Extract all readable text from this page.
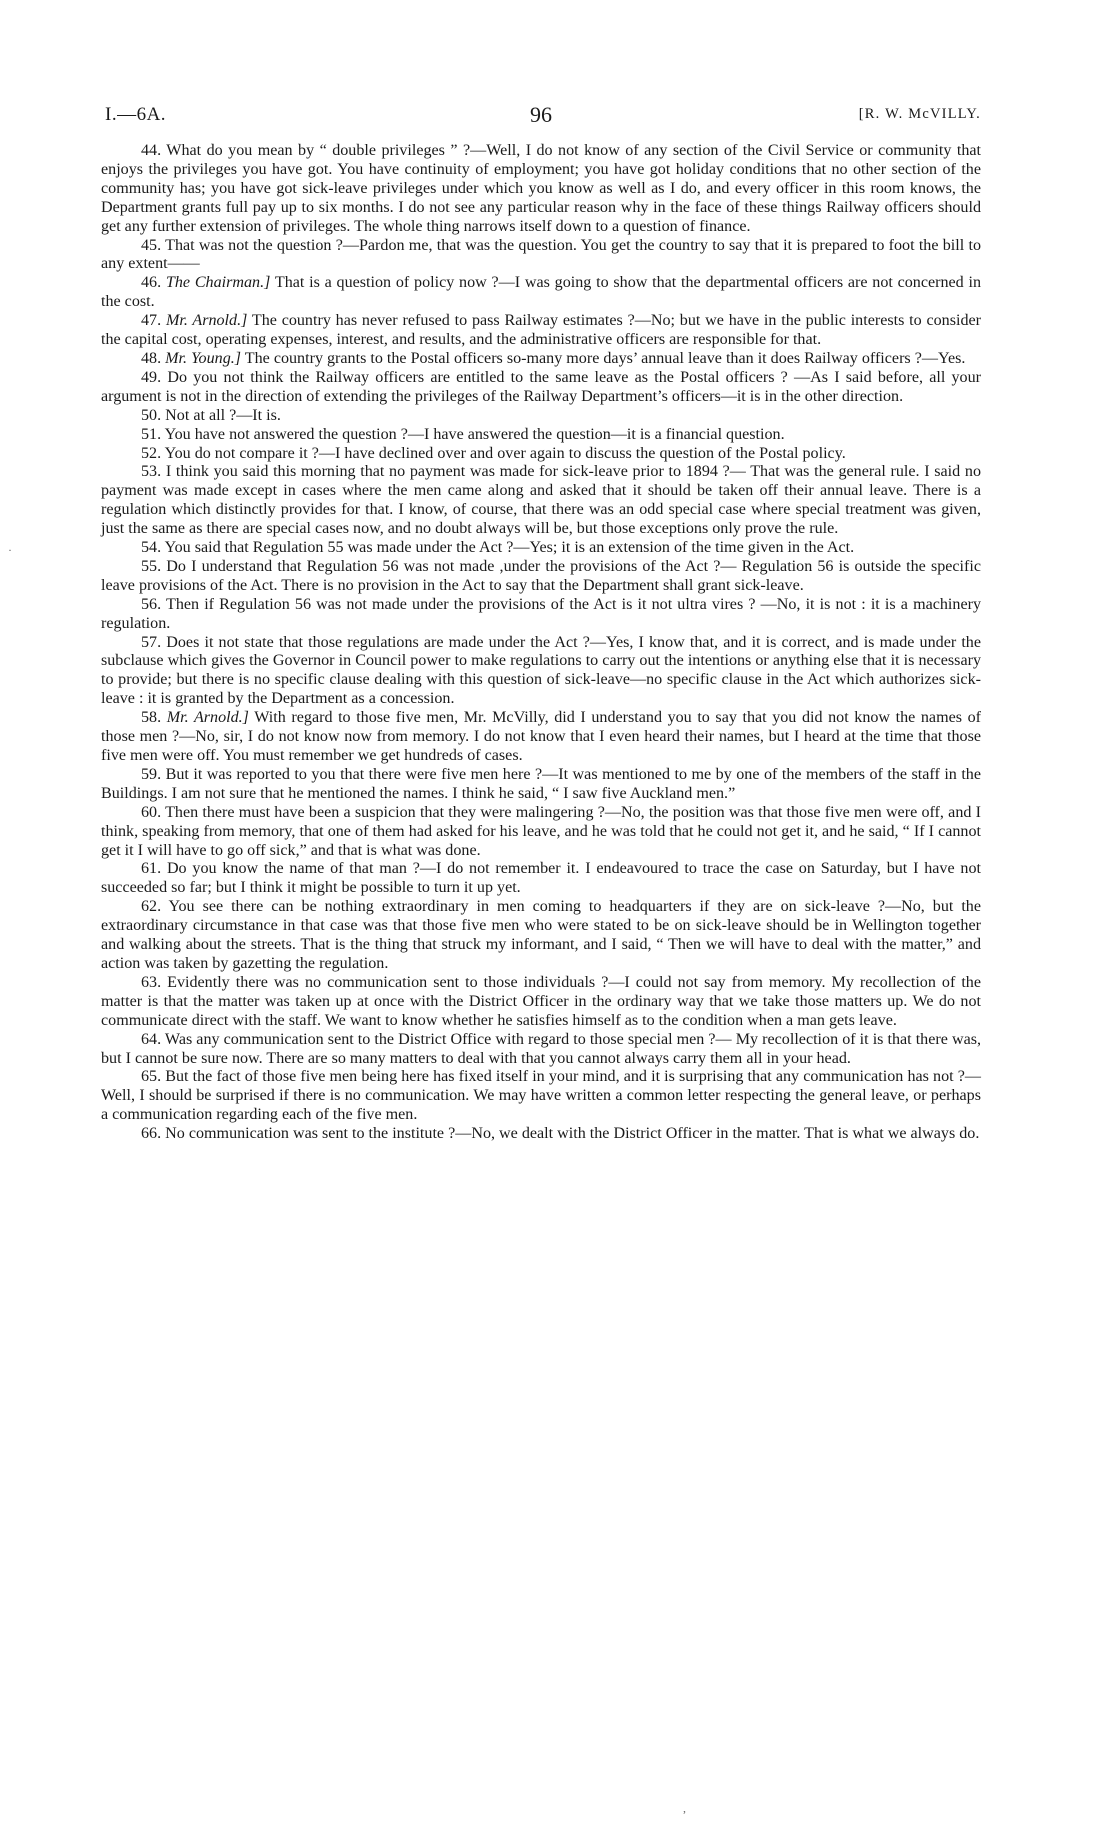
I.—6A.	96	[R. W. McVILLY.

44. What do you mean by “ double privileges ” ?—Well, I do not know of any section of the Civil Service or community that enjoys the privileges you have got. You have continuity of employment; you have got holiday conditions that no other section of the community has; you have got sick-leave privileges under which you know as well as I do, and every officer in this room knows, the Department grants full pay up to six months. I do not see any particular reason why in the face of these things Railway officers should get any further extension of privileges. The whole thing narrows itself down to a question of finance.

45. That was not the question ?—Pardon me, that was the question. You get the country to say that it is prepared to foot the bill to any extent——

46. The Chairman.] That is a question of policy now ?—I was going to show that the departmental officers are not concerned in the cost.

47. Mr. Arnold.] The country has never refused to pass Railway estimates ?—No; but we have in the public interests to consider the capital cost, operating expenses, interest, and results, and the administrative officers are responsible for that.

48. Mr. Young.] The country grants to the Postal officers so-many more days’ annual leave than it does Railway officers ?—Yes.

49. Do you not think the Railway officers are entitled to the same leave as the Postal officers ? —As I said before, all your argument is not in the direction of extending the privileges of the Railway Department’s officers—it is in the other direction.

50. Not at all ?—It is.

51. You have not answered the question ?—I have answered the question—it is a financial question.

52. You do not compare it ?—I have declined over and over again to discuss the question of the Postal policy.

53. I think you said this morning that no payment was made for sick-leave prior to 1894 ?— That was the general rule. I said no payment was made except in cases where the men came along and asked that it should be taken off their annual leave. There is a regulation which distinctly provides for that. I know, of course, that there was an odd special case where special treatment was given, just the same as there are special cases now, and no doubt always will be, but those exceptions only prove the rule.

54. You said that Regulation 55 was made under the Act ?—Yes; it is an extension of the time given in the Act.

55. Do I understand that Regulation 56 was not made ,under the provisions of the Act ?— Regulation 56 is outside the specific leave provisions of the Act. There is no provision in the Act to say that the Department shall grant sick-leave.

56. Then if Regulation 56 was not made under the provisions of the Act is it not ultra vires ? —No, it is not : it is a machinery regulation.

57. Does it not state that those regulations are made under the Act ?—Yes, I know that, and it is correct, and is made under the subclause which gives the Governor in Council power to make regulations to carry out the intentions or anything else that it is necessary to provide; but there is no specific clause dealing with this question of sick-leave—no specific clause in the Act which authorizes sick-leave : it is granted by the Department as a concession.

58. Mr. Arnold.] With regard to those five men, Mr. McVilly, did I understand you to say that you did not know the names of those men ?—No, sir, I do not know now from memory. I do not know that I even heard their names, but I heard at the time that those five men were off. You must remember we get hundreds of cases.

59. But it was reported to you that there were five men here ?—It was mentioned to me by one of the members of the staff in the Buildings. I am not sure that he mentioned the names. I think he said, “ I saw five Auckland men.”

60. Then there must have been a suspicion that they were malingering ?—No, the position was that those five men were off, and I think, speaking from memory, that one of them had asked for his leave, and he was told that he could not get it, and he said, “ If I cannot get it I will have to go off sick,” and that is what was done.

61. Do you know the name of that man ?—I do not remember it. I endeavoured to trace the case on Saturday, but I have not succeeded so far; but I think it might be possible to turn it up yet.

62. You see there can be nothing extraordinary in men coming to headquarters if they are on sick-leave ?—No, but the extraordinary circumstance in that case was that those five men who were stated to be on sick-leave should be in Wellington together and walking about the streets. That is the thing that struck my informant, and I said, “ Then we will have to deal with the matter,” and action was taken by gazetting the regulation.

63. Evidently there was no communication sent to those individuals ?—I could not say from memory. My recollection of the matter is that the matter was taken up at once with the District Officer in the ordinary way that we take those matters up. We do not communicate direct with the staff. We want to know whether he satisfies himself as to the condition when a man gets leave.

64. Was any communication sent to the District Office with regard to those special men ?— My recollection of it is that there was, but I cannot be sure now. There are so many matters to deal with that you cannot always carry them all in your head.

65. But the fact of those five men being here has fixed itself in your mind, and it is surprising that any communication has not ?—Well, I should be surprised if there is no communication. We may have written a common letter respecting the general leave, or perhaps a communication regarding each of the five men.

66. No communication was sent to the institute ?—No, we dealt with the District Officer in the matter. That is what we always do.

·
,
